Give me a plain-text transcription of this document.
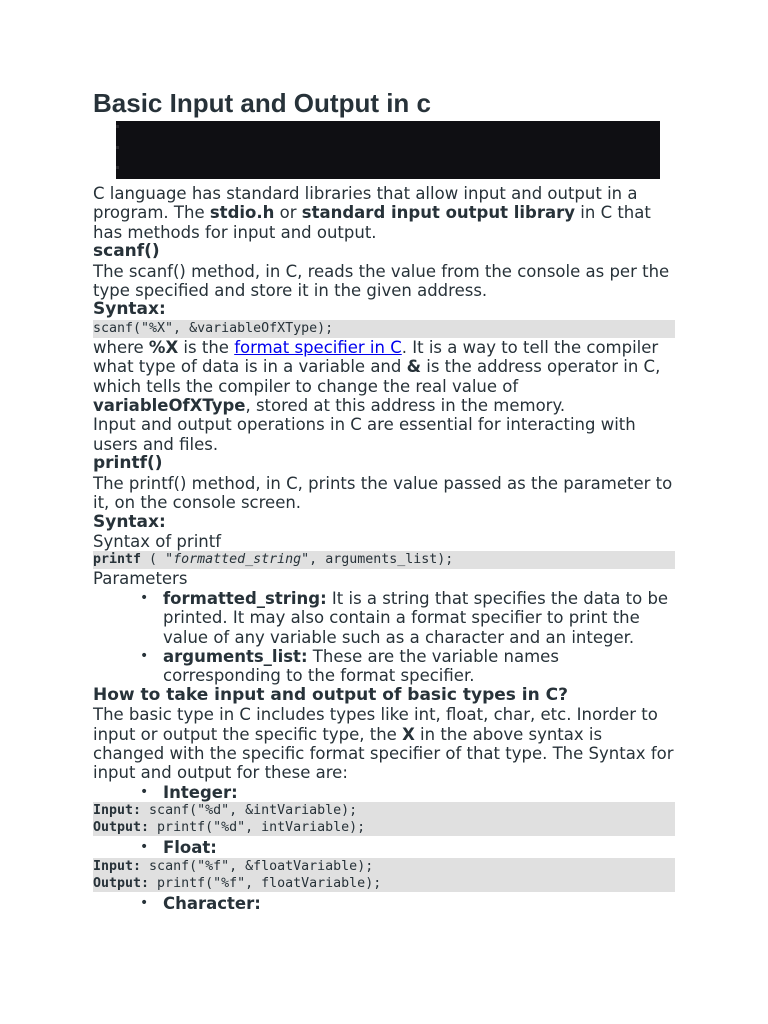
Basic Input and Output in c

C language has standard libraries that allow input and output in a program. The stdio.h or standard input output library in C that has methods for input and output.

scanf()

The scanf() method, in C, reads the value from the console as per the type specified and store it in the given address.

Syntax:
scanf("%X", &variableOfXType);

where %X is the format specifier in C. It is a way to tell the compiler what type of data is in a variable and & is the address operator in C, which tells the compiler to change the real value of variableOfXType, stored at this address in the memory.

Input and output operations in C are essential for interacting with users and files.

printf()

The printf() method, in C, prints the value passed as the parameter to it, on the console screen.

Syntax:

Syntax of printf

printf ( "formatted_string", arguments_list);

Parameters

• formatted_string: It is a string that specifies the data to be printed. It may also contain a format specifier to print the value of any variable such as a character and an integer.
• arguments_list: These are the variable names corresponding to the format specifier.
How to take input and output of basic types in C?

The basic type in C includes types like int, float, char, etc. Inorder to input or output the specific type, the X in the above syntax is changed with the specific format specifier of that type. The Syntax for input and output for these are:

• Integer:
Input: scanf("%d", &intVariable);
Output: printf("%d", intVariable);
• Float:
Input: scanf("%f", &floatVariable);
Output: printf("%f", floatVariable);
• Character:
